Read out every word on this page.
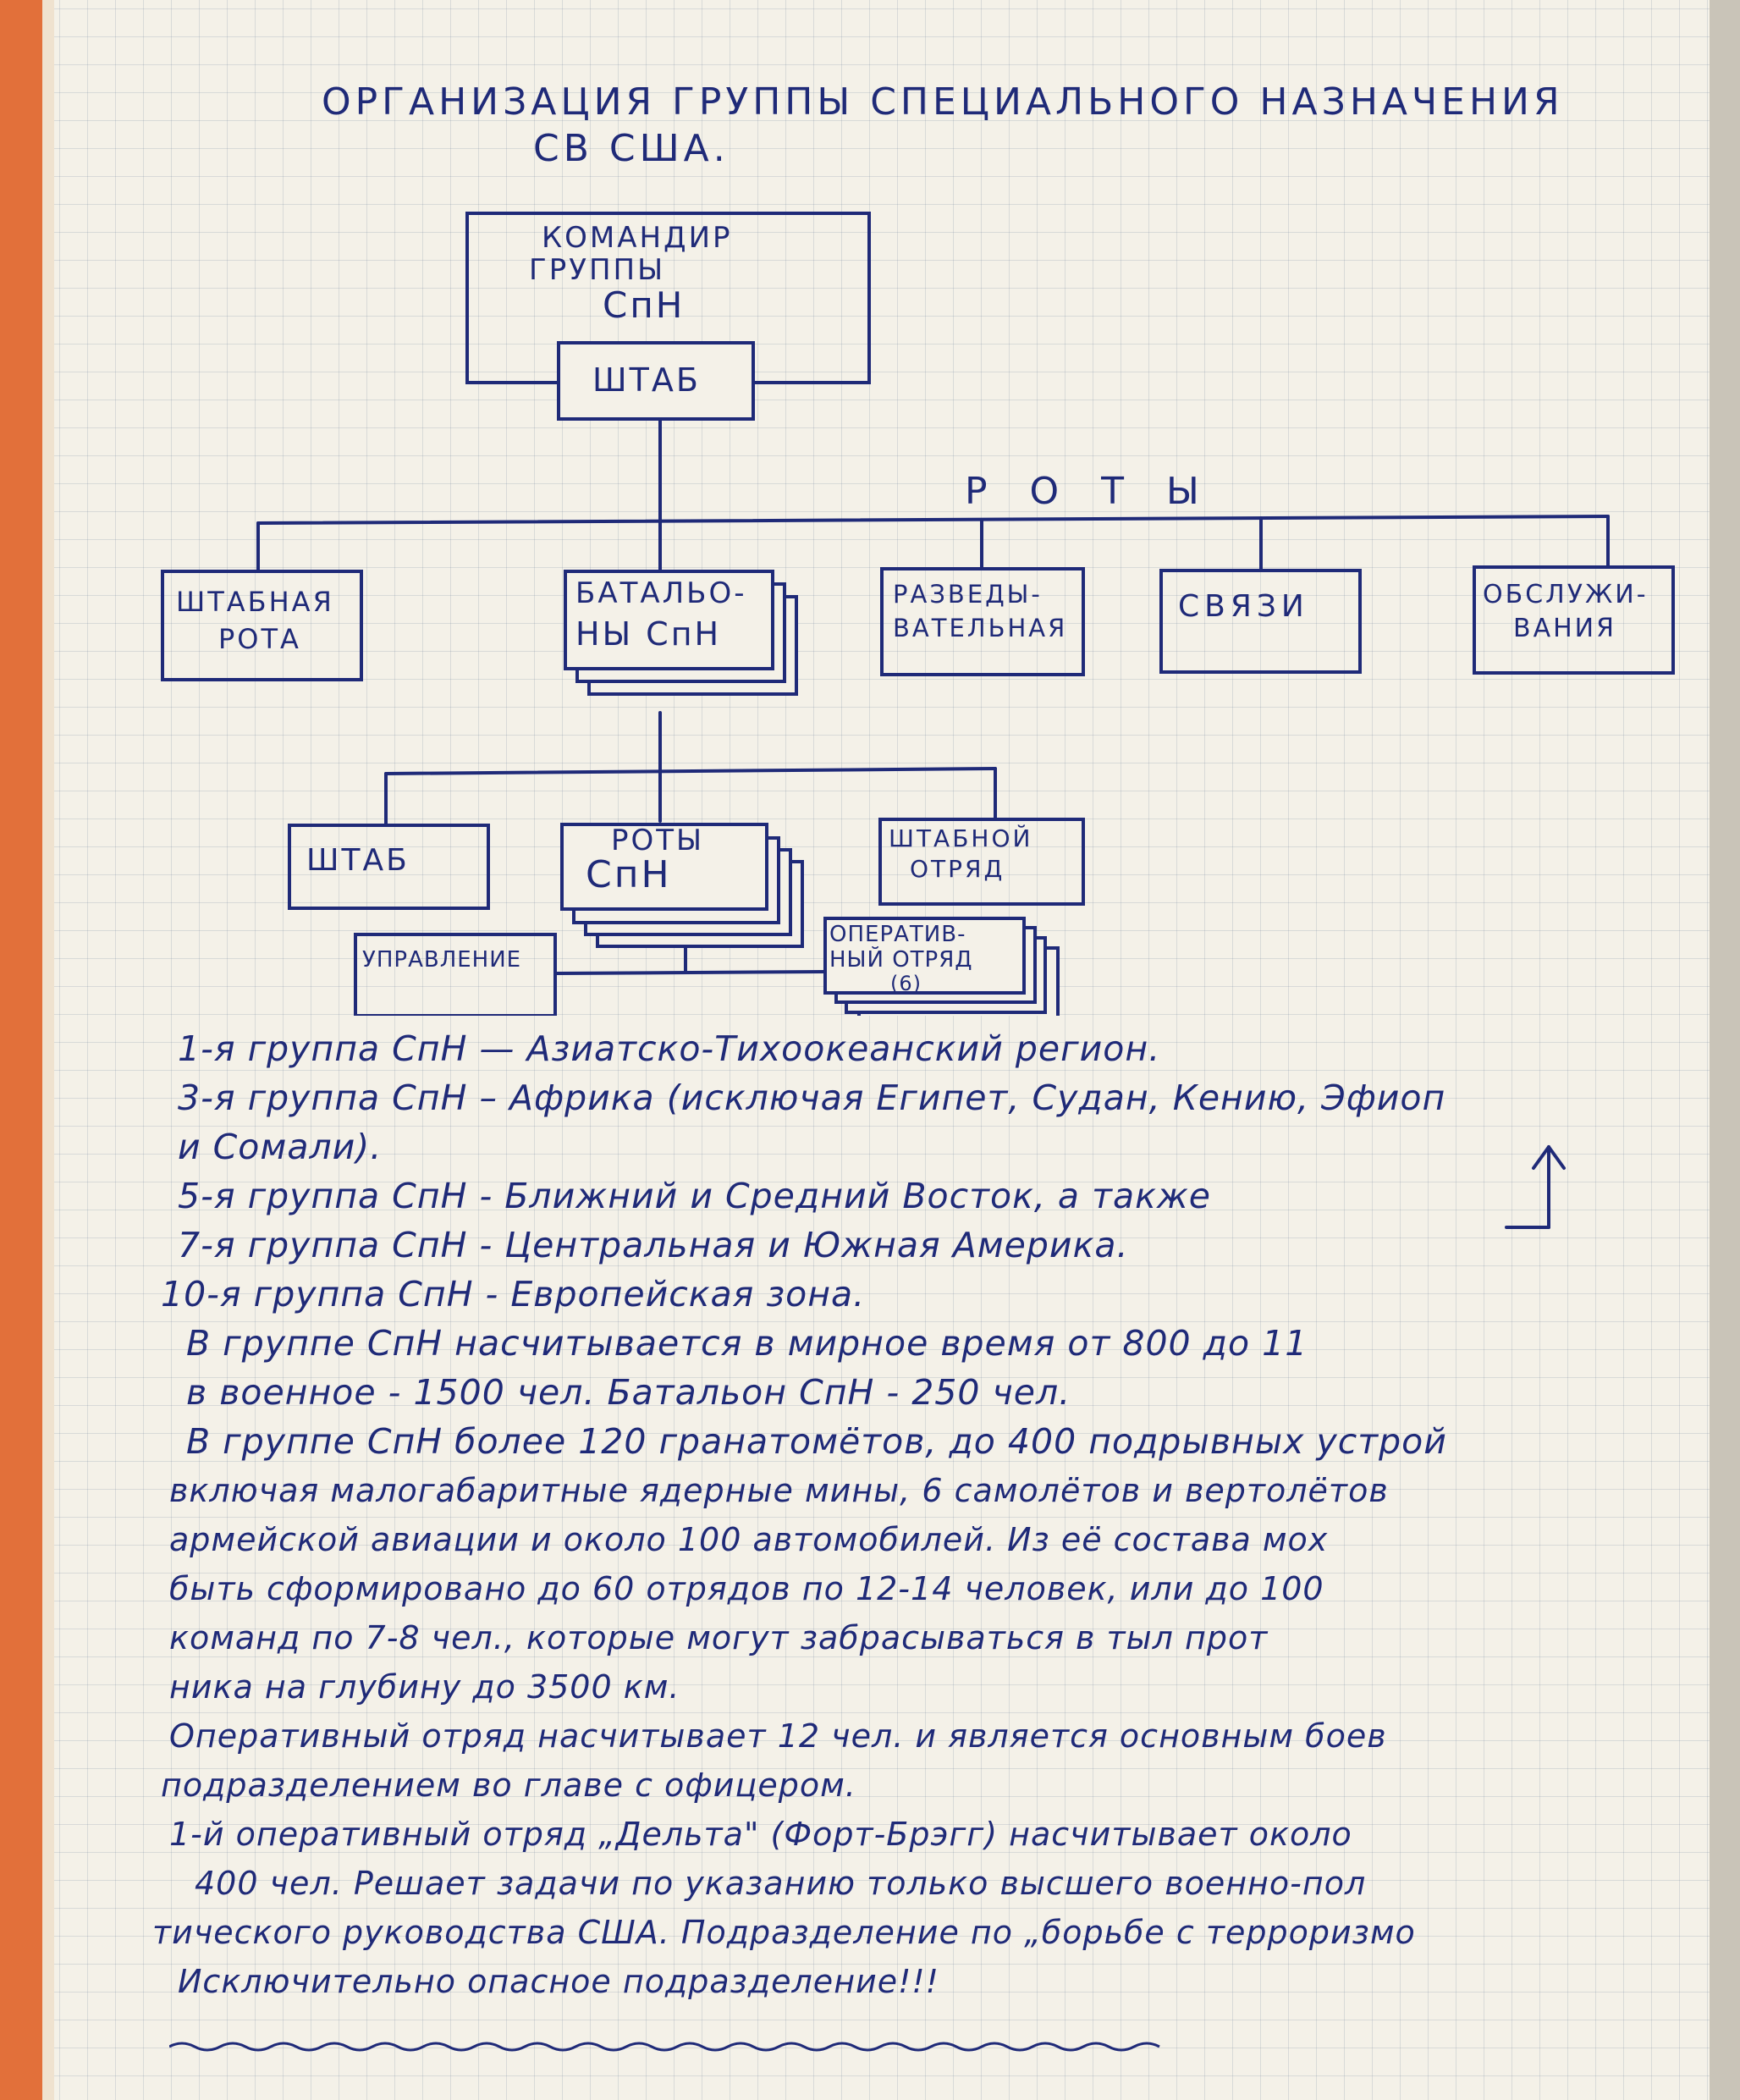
ОРГАНИЗАЦИЯ ГРУППЫ СПЕЦИАЛЬНОГО НАЗНАЧЕНИЯ
СВ США.
КОМАНДИР
ГРУППЫ
СпН
ШТАБ
Р О Т Ы
ШТАБНАЯ
РОТА
БАТАЛЬО-
НЫ СпН
РАЗВЕДЫ-
ВАТЕЛЬНАЯ
СВЯЗИ	ОБСЛУЖИ-
ВАНИЯ
ШТАБ
РОТЫ
СпН
ШТАБНОЙ
ОТРЯД
УПРАВЛЕНИЕ
ОПЕРАТИВ-
НЫЙ ОТРЯД
(6)
1-я группа СпН — Азиатско-Тихоокеанский регион.
3-я группа СпН – Африка (исключая Египет, Судан, Кению, Эфиоп
и Сомали).
5-я группа СпН - Ближний и Средний Восток, а также
7-я группа СпН - Центральная и Южная Америка.
10-я группа СпН - Европейская зона.
В группе СпН насчитывается в мирное время от 800 до 11
в военное - 1500 чел. Батальон СпН - 250 чел.
В группе СпН более 120 гранатомётов, до 400 подрывных устрой
включая малогабаритные ядерные мины, 6 самолётов и вертолётов
армейской авиации и около 100 автомобилей. Из её состава мох
быть сформировано до 60 отрядов по 12-14 человек, или до 100
команд по 7-8 чел., которые могут забрасываться в тыл прот
ника на глубину до 3500 км.
Оперативный отряд насчитывает 12 чел. и является основным боев
подразделением во главе с офицером.
1-й оперативный отряд „Дельта" (Форт-Брэгг) насчитывает около
400 чел. Решает задачи по указанию только высшего военно-пол
тического руководства США. Подразделение по „борьбе с терроризмо
Исключительно опасное подразделение!!!
